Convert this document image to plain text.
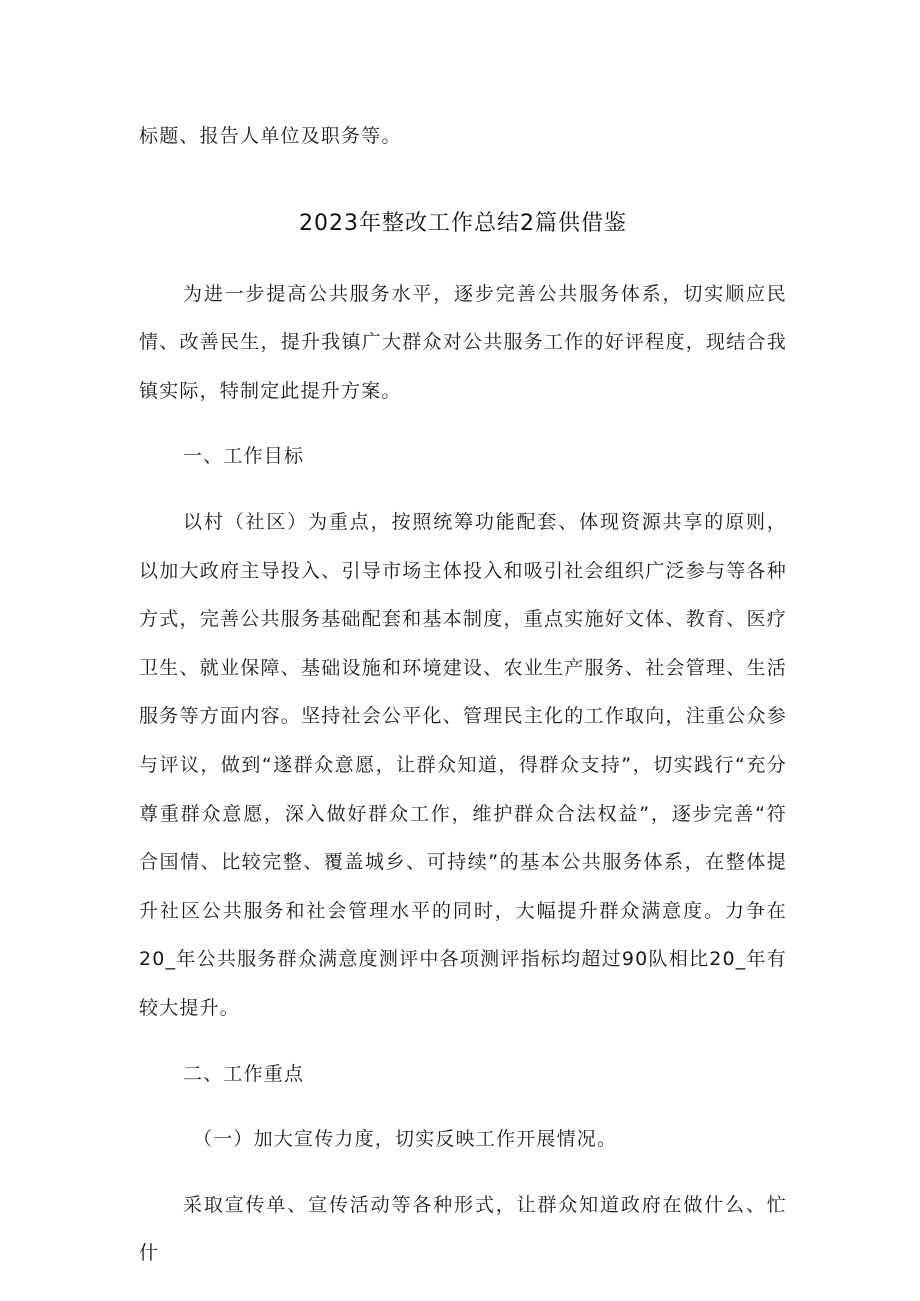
标题、报告人单位及职务等。

2023年整改工作总结2篇供借鉴

为进一步提高公共服务水平，逐步完善公共服务体系，切实顺应民情、改善民生，提升我镇广大群众对公共服务工作的好评程度，现结合我镇实际，特制定此提升方案。

一、工作目标

以村（社区）为重点，按照统筹功能配套、体现资源共享的原则，以加大政府主导投入、引导市场主体投入和吸引社会组织广泛参与等各种方式，完善公共服务基础配套和基本制度，重点实施好文体、教育、医疗卫生、就业保障、基础设施和环境建设、农业生产服务、社会管理、生活服务等方面内容。坚持社会公平化、管理民主化的工作取向，注重公众参与评议，做到“遂群众意愿，让群众知道，得群众支持”，切实践行“充分尊重群众意愿，深入做好群众工作，维护群众合法权益”，逐步完善“符合国情、比较完整、覆盖城乡、可持续”的基本公共服务体系，在整体提升社区公共服务和社会管理水平的同时，大幅提升群众满意度。力争在20_年公共服务群众满意度测评中各项测评指标均超过90队相比20_年有较大提升。

二、工作重点

（一）加大宣传力度，切实反映工作开展情况。

采取宣传单、宣传活动等各种形式，让群众知道政府在做什么、忙什
